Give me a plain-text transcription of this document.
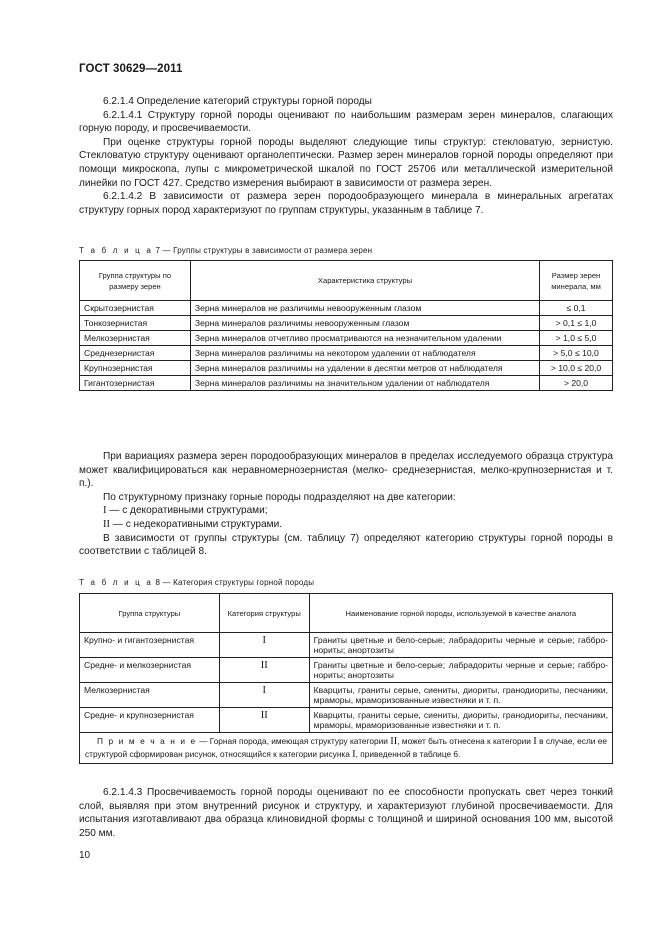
ГОСТ 30629—2011

6.2.1.4 Определение категорий структуры горной породы

6.2.1.4.1 Структуру горной породы оценивают по наибольшим размерам зерен минералов, слагающих горную породу, и просвечиваемости.

При оценке структуры горной породы выделяют следующие типы структур: стекловатую, зернистую. Стекловатую структуру оценивают органолептически. Размер зерен минералов горной породы определяют при помощи микроскопа, лупы с микрометрической шкалой по ГОСТ 25706 или металлической измерительной линейки по ГОСТ 427. Средство измерения выбирают в зависимости от размера зерен.

6.2.1.4.2 В зависимости от размера зерен породообразующего минерала в минеральных агрегатах структуру горных пород характеризуют по группам структуры, указанным в таблице 7.

Т а б л и ц а 7 — Группы структуры в зависимости от размера зерен
Группа структуры по размеру зерен	Характеристика структуры	Размер зерен минерала, мм
Скрытозернистая	Зерна минералов не различимы невооруженным глазом	≤ 0,1
Тонкозернистая	Зерна минералов различимы невооруженным глазом	> 0,1 ≤ 1,0
Мелкозернистая	Зерна минералов отчетливо просматриваются на незначительном удалении	> 1,0 ≤ 5,0
Среднезернистая	Зерна минералов различимы на некотором удалении от наблюдателя	> 5,0 ≤ 10,0
Крупнозернистая	Зерна минералов различимы на удалении в десятки метров от наблюдателя	> 10,0 ≤ 20,0
Гигантозернистая	Зерна минералов различимы на значительном удалении от наблюдателя	> 20,0

При вариациях размера зерен породообразующих минералов в пределах исследуемого образца структура может квалифицироваться как неравномернозернистая (мелко- среднезернистая, мелко-крупнозернистая и т. п.).

По структурному признаку горные породы подразделяют на две категории:

I — с декоративными структурами;

II — с недекоративными структурами.

В зависимости от группы структуры (см. таблицу 7) определяют категорию структуры горной породы в соответствии с таблицей 8.

Т а б л и ц а 8 — Категория структуры горной породы
Группа структуры	Категория структуры	Наименование горной породы, используемой в качестве аналога
Крупно- и гигантозернистая	I	Граниты цветные и бело-серые; лабрадориты черные и серые; габбро-нориты; анортозиты
Средне- и мелкозернистая	II	Граниты цветные и бело-серые; лабрадориты черные и серые; габбро-нориты; анортозиты
Мелкозернистая	I	Кварциты, граниты серые, сиениты, диориты, гранодиориты, песчаники, мраморы, мраморизованные известняки и т. п.
Средне- и крупнозернистая	II	Кварциты, граниты серые, сиениты, диориты, гранодиориты, песчаники, мраморы, мраморизованные известняки и т. п.
П р и м е ч а н и е — Горная порода, имеющая структуру категории II, может быть отнесена к категории I в случае, если ее структурой сформирован рисунок, относящийся к категории рисунка I, приведенной в таблице 6.		

6.2.1.4.3 Просвечиваемость горной породы оценивают по ее способности пропускать свет через тонкий слой, выявляя при этом внутренний рисунок и структуру, и характеризуют глубиной просвечиваемости. Для испытания изготавливают два образца клиновидной формы с толщиной и шириной основания 100 мм, высотой 250 мм.

10
